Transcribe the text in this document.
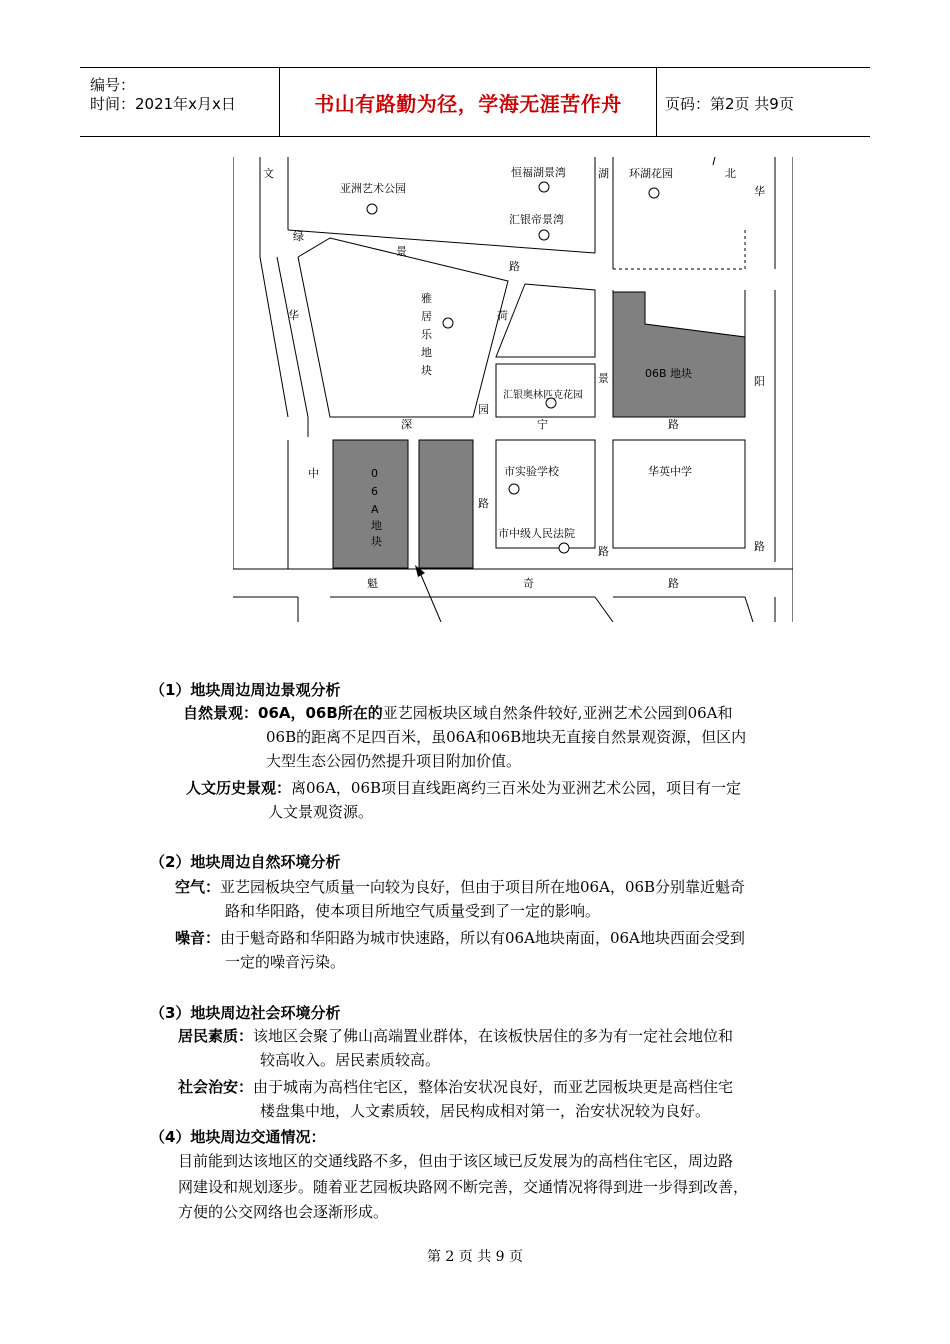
编号：
时间：2021年x月x日	书山有路勤为径，学海无涯苦作舟	页码：第2页 共9页
亚洲艺术公园
恒福湖景湾
汇银帝景湾
环湖花园
雅
居
乐
地
块
汇银奥林匹克花园
06B 地块
0
6
A
地
块
市实验学校
市中级人民法院
华英中学
文
绿
景
路
湖	北
华
华	荷
景	阳
深
园
宁	路
中
路
路	路
魁	奇	路
（1）地块周边周边景观分析
自然景观：06A，06B所在的亚艺园板块区域自然条件较好,亚洲艺术公园到06A和
06B的距离不足四百米，虽06A和06B地块无直接自然景观资源，但区内
大型生态公园仍然提升项目附加价值。
人文历史景观：离06A，06B项目直线距离约三百米处为亚洲艺术公园，项目有一定
人文景观资源。
（2）地块周边自然环境分析
空气：亚艺园板块空气质量一向较为良好，但由于项目所在地06A，06B分别靠近魁奇
路和华阳路，使本项目所地空气质量受到了一定的影响。
噪音：由于魁奇路和华阳路为城市快速路，所以有06A地块南面，06A地块西面会受到
一定的噪音污染。
（3）地块周边社会环境分析
居民素质：该地区会聚了佛山高端置业群体，在该板快居住的多为有一定社会地位和
较高收入。居民素质较高。
社会治安：由于城南为高档住宅区，整体治安状况良好，而亚艺园板块更是高档住宅
楼盘集中地，人文素质较，居民构成相对第一，治安状况较为良好。
（4）地块周边交通情况：
目前能到达该地区的交通线路不多，但由于该区域已反发展为的高档住宅区，周边路
网建设和规划逐步。随着亚艺园板块路网不断完善，交通情况将得到进一步得到改善，
方便的公交网络也会逐渐形成。
第 2 页 共 9 页
